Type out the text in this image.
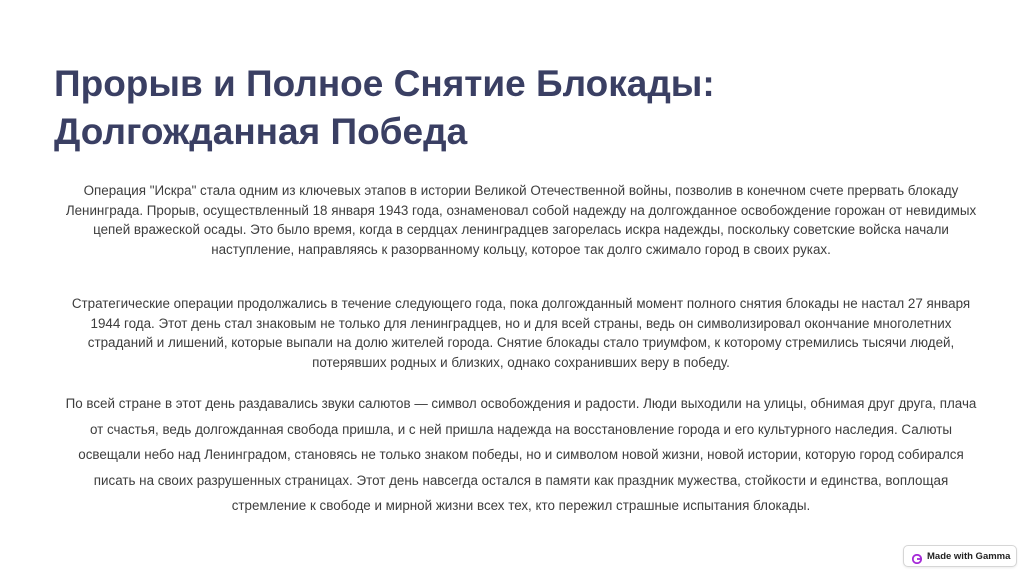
Прорыв и Полное Снятие Блокады:
Долгожданная Победа

Операция "Искра" стала одним из ключевых этапов в истории Великой Отечественной войны, позволив в конечном счете прервать блокаду Ленинграда. Прорыв, осуществленный 18 января 1943 года, ознаменовал собой надежду на долгожданное освобождение горожан от невидимых цепей вражеской осады. Это было время, когда в сердцах ленинградцев загорелась искра надежды, поскольку советские войска начали наступление, направляясь к разорванному кольцу, которое так долго сжимало город в своих руках.

Стратегические операции продолжались в течение следующего года, пока долгожданный момент полного снятия блокады не настал 27 января 1944 года. Этот день стал знаковым не только для ленинградцев, но и для всей страны, ведь он символизировал окончание многолетних страданий и лишений, которые выпали на долю жителей города. Снятие блокады стало триумфом, к которому стремились тысячи людей, потерявших родных и близких, однако сохранивших веру в победу.

По всей стране в этот день раздавались звуки салютов — символ освобождения и радости. Люди выходили на улицы, обнимая друг друга, плача от счастья, ведь долгожданная свобода пришла, и с ней пришла надежда на восстановление города и его культурного наследия. Салюты освещали небо над Ленинградом, становясь не только знаком победы, но и символом новой жизни, новой истории, которую город собирался писать на своих разрушенных страницах. Этот день навсегда остался в памяти как праздник мужества, стойкости и единства, воплощая стремление к свободе и мирной жизни всех тех, кто пережил страшные испытания блокады.

Made with Gamma
